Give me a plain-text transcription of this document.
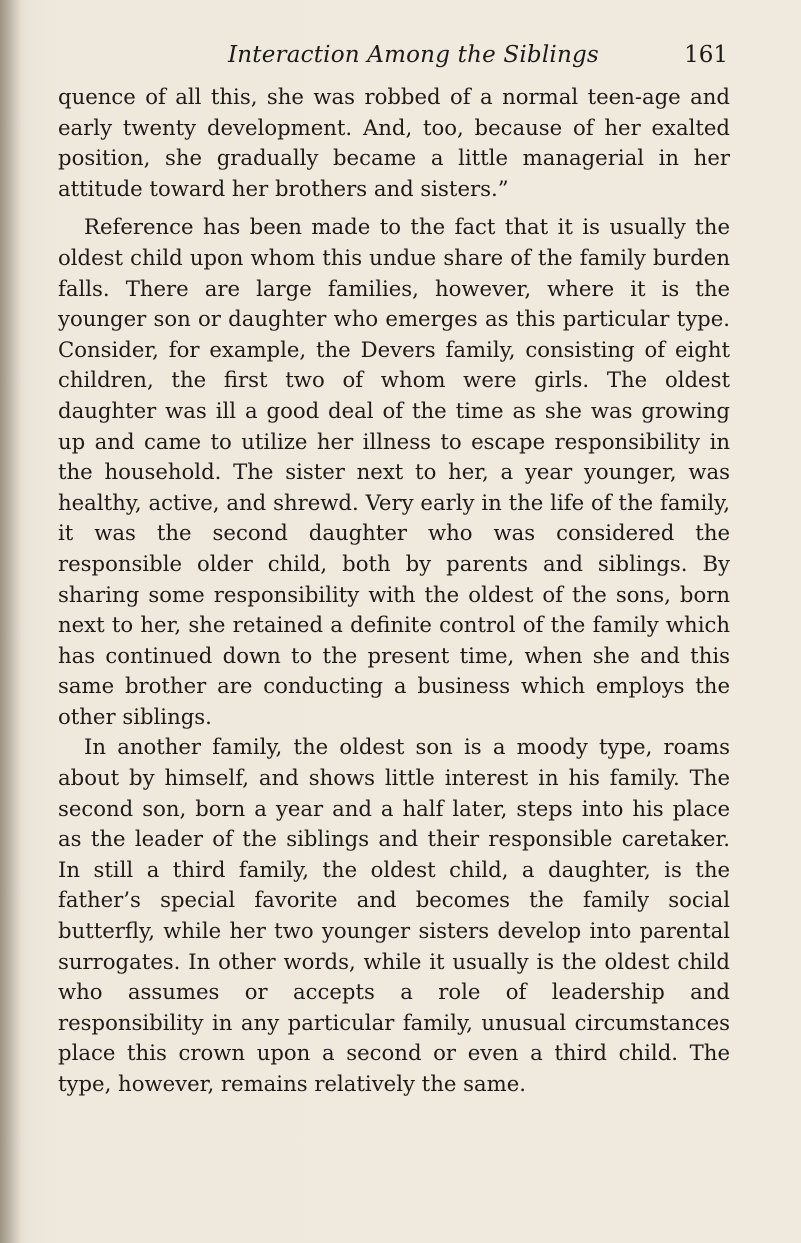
Interaction Among the Siblings	161

quence of all this, she was robbed of a normal teen-age and early twenty development. And, too, because of her exalted position, she gradually became a little managerial in her attitude toward her brothers and sisters.”

Reference has been made to the fact that it is usually the oldest child upon whom this undue share of the family burden falls. There are large families, however, where it is the younger son or daughter who emerges as this particular type. Consider, for example, the Devers family, consisting of eight children, the first two of whom were girls. The oldest daughter was ill a good deal of the time as she was growing up and came to utilize her illness to escape responsibility in the household. The sister next to her, a year younger, was healthy, active, and shrewd. Very early in the life of the family, it was the second daughter who was considered the responsible older child, both by parents and siblings. By sharing some responsibility with the oldest of the sons, born next to her, she retained a definite control of the family which has continued down to the present time, when she and this same brother are conducting a business which employs the other siblings.

In another family, the oldest son is a moody type, roams about by himself, and shows little interest in his family. The second son, born a year and a half later, steps into his place as the leader of the siblings and their responsible caretaker. In still a third family, the oldest child, a daughter, is the father’s special favorite and becomes the family social butterfly, while her two younger sisters develop into parental surrogates. In other words, while it usually is the oldest child who assumes or accepts a role of leadership and responsibility in any particular family, unusual circumstances place this crown upon a second or even a third child. The type, however, remains relatively the same.
